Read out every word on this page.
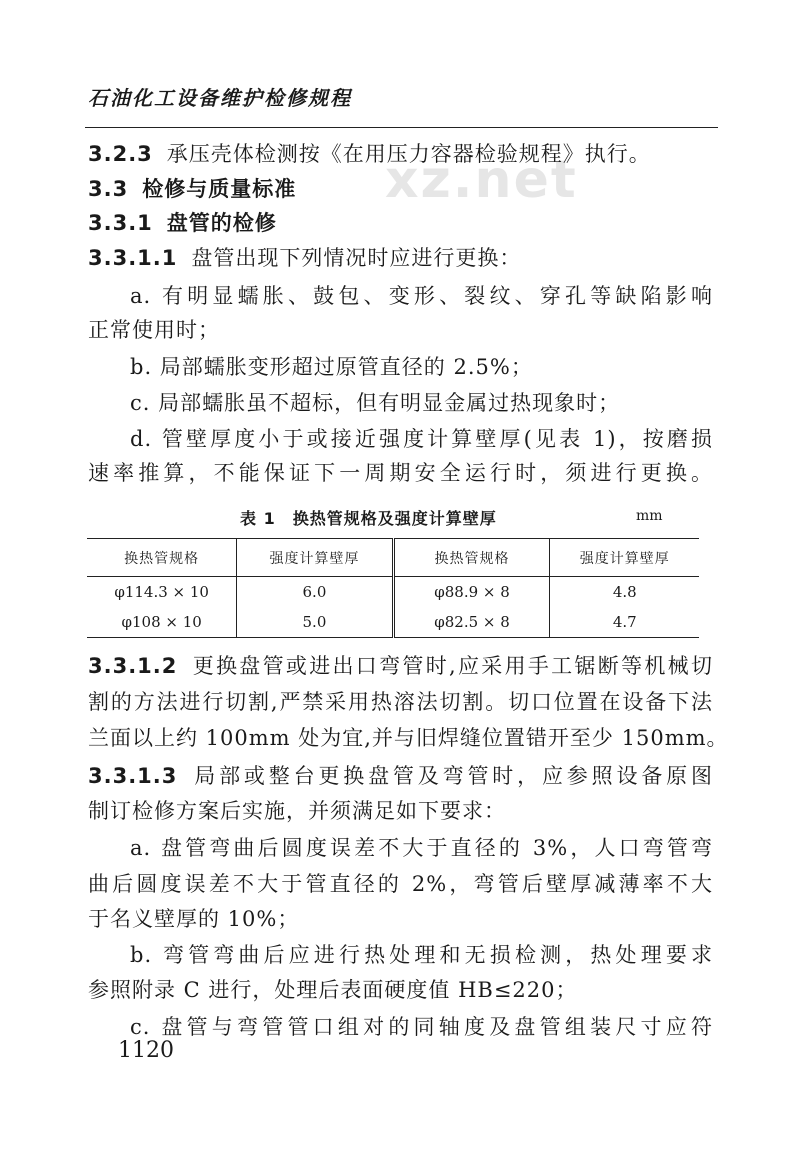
xz.net
石油化工设备维护检修规程
3.2.3 承压壳体检测按《在用压力容器检验规程》执行。
3.3 检修与质量标准
3.3.1 盘管的检修
3.3.1.1 盘管出现下列情况时应进行更换：
a. 有明显蠕胀、鼓包、变形、裂纹、穿孔等缺陷影响
正常使用时；
b. 局部蠕胀变形超过原管直径的 2.5%；
c. 局部蠕胀虽不超标，但有明显金属过热现象时；
d. 管壁厚度小于或接近强度计算壁厚(见表 1)，按磨损
速率推算，不能保证下一周期安全运行时，须进行更换。
表 1　换热管规格及强度计算壁厚	mm
换热管规格	强度计算壁厚	换热管规格	强度计算壁厚
φ114.3 × 10	6.0	φ88.9 × 8	4.8
φ108 × 10	5.0	φ82.5 × 8	4.7
3.3.1.2 更换盘管或进出口弯管时,应采用手工锯断等机械切
割的方法进行切割,严禁采用热溶法切割。切口位置在设备下法
兰面以上约 100mm 处为宜,并与旧焊缝位置错开至少 150mm。
3.3.1.3 局部或整台更换盘管及弯管时，应参照设备原图
制订检修方案后实施，并须满足如下要求：
a. 盘管弯曲后圆度误差不大于直径的 3%，人口弯管弯
曲后圆度误差不大于管直径的 2%，弯管后壁厚减薄率不大
于名义壁厚的 10%；
b. 弯管弯曲后应进行热处理和无损检测，热处理要求
参照附录 C 进行，处理后表面硬度值 HB≤220；
c. 盘管与弯管管口组对的同轴度及盘管组装尺寸应符
1120
